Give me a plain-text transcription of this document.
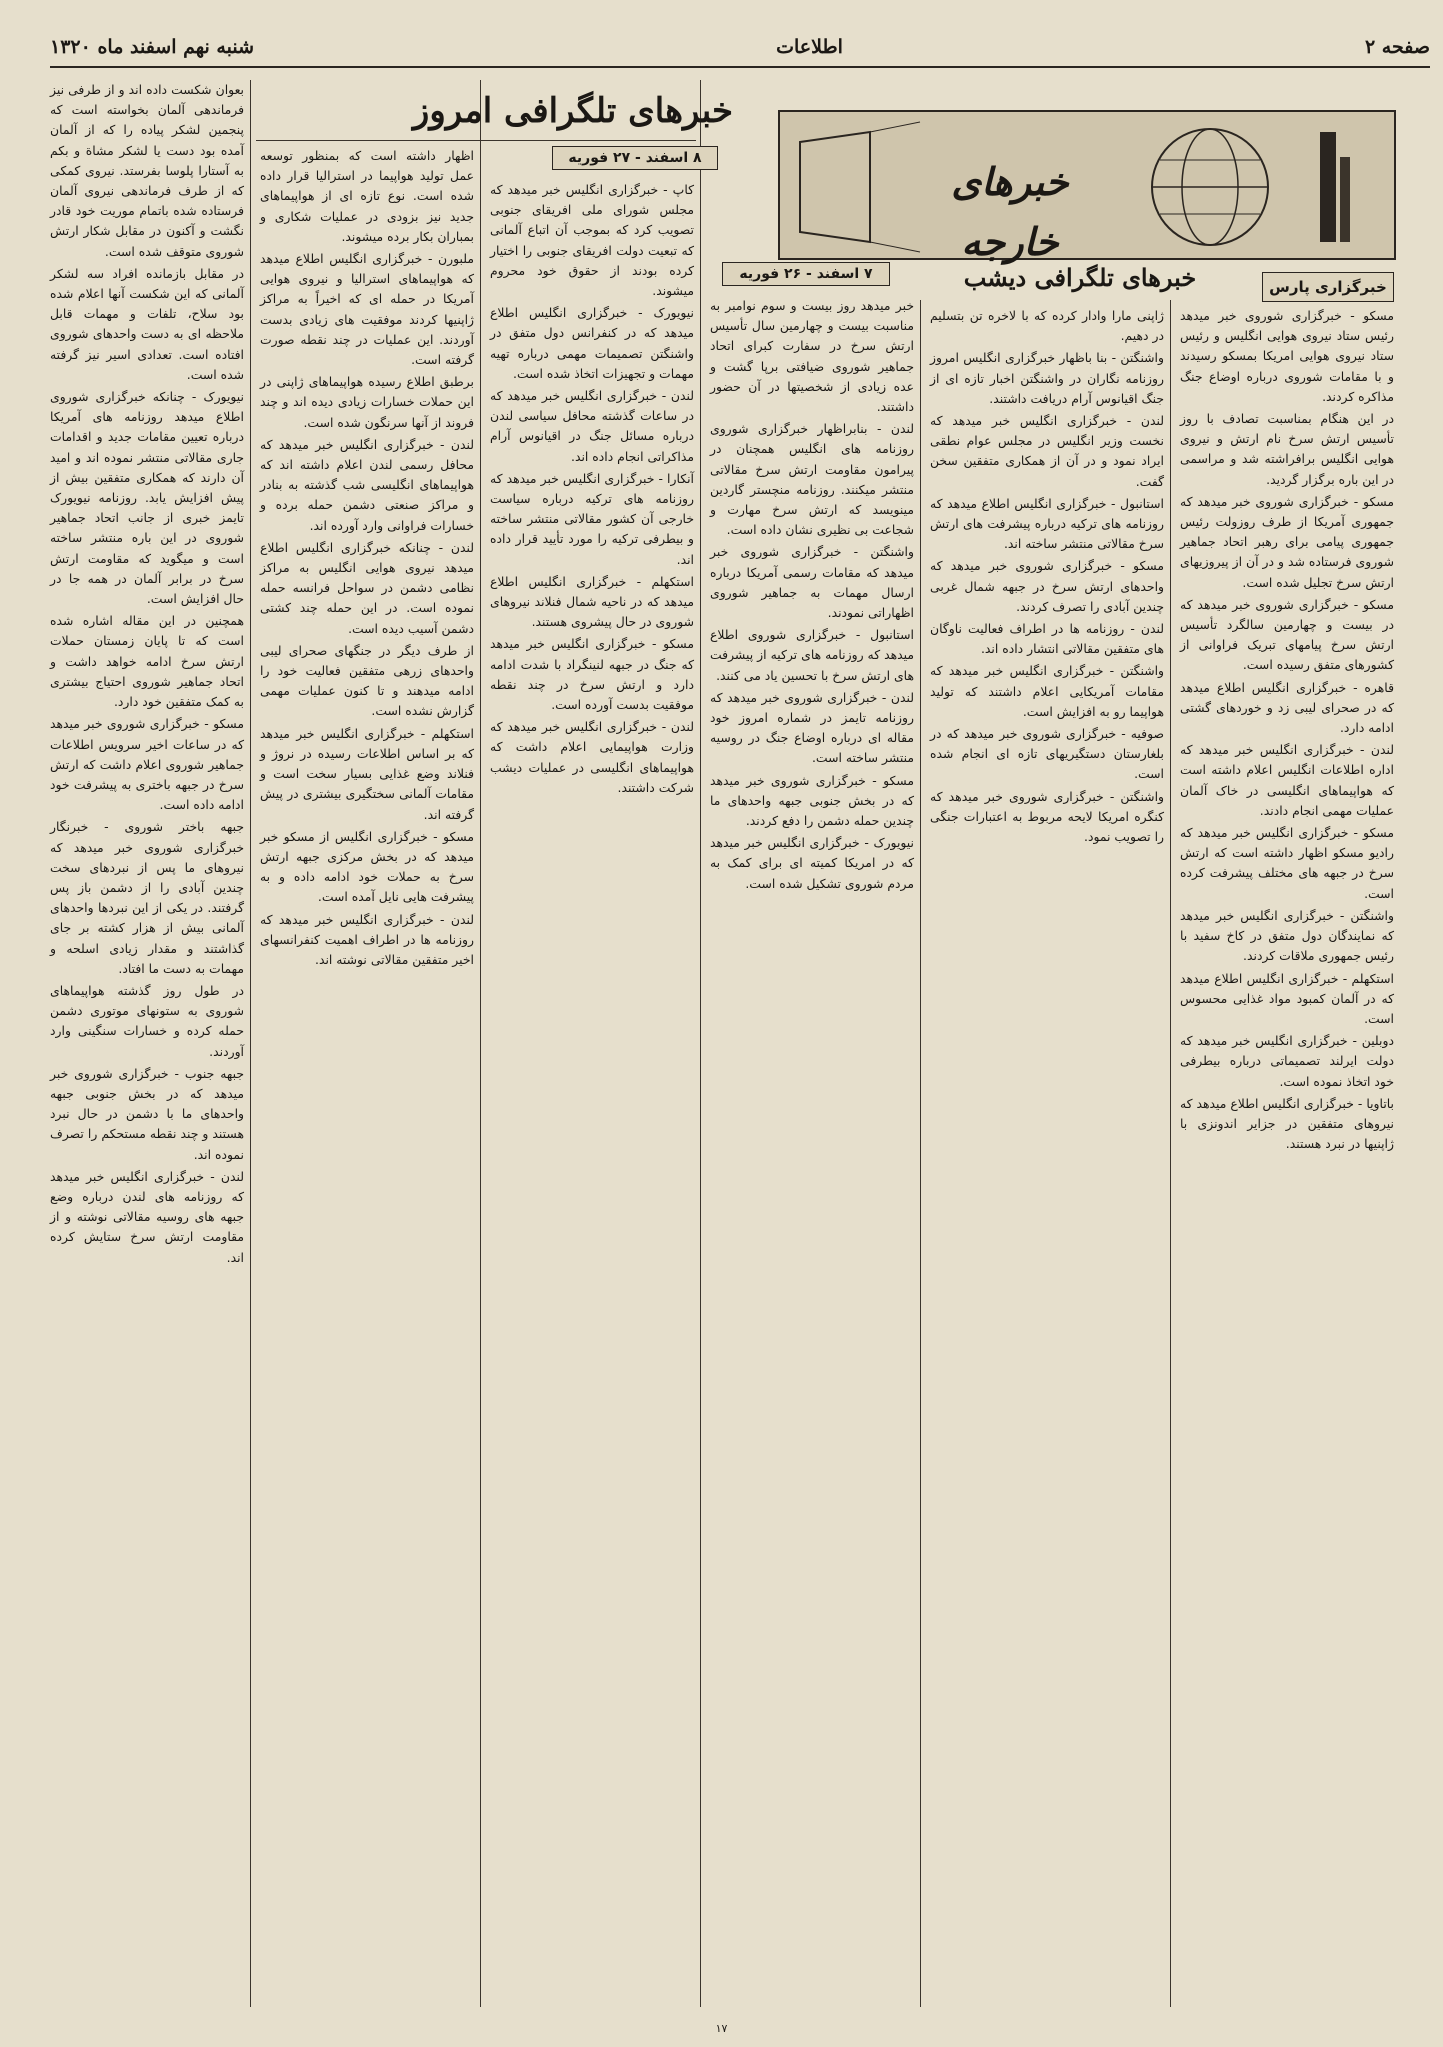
صفحه ۲
اطلاعات
شنبه نهم اسفند ماه ۱۳۲۰
خبرهای تلگرافی امروز
۸ اسفند - ۲۷ فوریه
خبرهای خارجه
خبرهای تلگرافی دیشب
۷ اسفند - ۲۶ فوریه
خبرگزاری پارس

بعوان شکست داده اند و از طرفی نیز فرماندهی آلمان بخواسته است که پنجمین لشکر پیاده را که از آلمان آمده بود دست یا لشکر مشاة و بکم به آستارا پلوسا بفرستد. نیروی کمکی که از طرف فرماندهی نیروی آلمان فرستاده شده باتمام موریت خود قادر نگشت و آکنون در مقابل شکار ارتش شوروی متوقف شده است.

در مقابل بازمانده افراد سه لشکر آلمانی که این شکست آنها اعلام شده بود سلاح، تلفات و مهمات قابل ملاحظه ای به دست واحدهای شوروی افتاده است. تعدادی اسیر نیز گرفته شده است.

نیویورک - چنانکه خبرگزاری شوروی اطلاع میدهد روزنامه های آمریکا درباره تعیین مقامات جدید و اقدامات جاری مقالاتی منتشر نموده اند و امید آن دارند که همکاری متفقین بیش از پیش افزایش یابد. روزنامه نیویورک تایمز خبری از جانب اتحاد جماهیر شوروی در این باره منتشر ساخته است و میگوید که مقاومت ارتش سرخ در برابر آلمان در همه جا در حال افزایش است.

همچنین در این مقاله اشاره شده است که تا پایان زمستان حملات ارتش سرخ ادامه خواهد داشت و اتحاد جماهیر شوروی احتیاج بیشتری به کمک متفقین خود دارد.

مسکو - خبرگزاری شوروی خبر میدهد که در ساعات اخیر سرویس اطلاعات جماهیر شوروی اعلام داشت که ارتش سرخ در جبهه باختری به پیشرفت خود ادامه داده است.

جبهه باختر شوروی - خبرنگار خبرگزاری شوروی خبر میدهد که نیروهای ما پس از نبردهای سخت چندین آبادی را از دشمن باز پس گرفتند. در یکی از این نبردها واحدهای آلمانی بیش از هزار کشته بر جای گذاشتند و مقدار زیادی اسلحه و مهمات به دست ما افتاد.

در طول روز گذشته هواپیماهای شوروی به ستونهای موتوری دشمن حمله کرده و خسارات سنگینی وارد آوردند.

جبهه جنوب - خبرگزاری شوروی خبر میدهد که در بخش جنوبی جبهه واحدهای ما با دشمن در حال نبرد هستند و چند نقطه مستحکم را تصرف نموده اند.

لندن - خبرگزاری انگلیس خبر میدهد که روزنامه های لندن درباره وضع جبهه های روسیه مقالاتی نوشته و از مقاومت ارتش سرخ ستایش کرده اند.

اظهار داشته است که بمنظور توسعه عمل تولید هواپیما در استرالیا قرار داده شده است. نوع تازه ای از هواپیماهای جدید نیز بزودی در عملیات شکاری و بمباران بکار برده میشوند.

ملبورن - خبرگزاری انگلیس اطلاع میدهد که هواپیماهای استرالیا و نیروی هوایی آمریکا در حمله ای که اخیراً به مراکز ژاپنیها کردند موفقیت های زیادی بدست آوردند. این عملیات در چند نقطه صورت گرفته است.

برطبق اطلاع رسیده هواپیماهای ژاپنی در این حملات خسارات زیادی دیده اند و چند فروند از آنها سرنگون شده است.

لندن - خبرگزاری انگلیس خبر میدهد که محافل رسمی لندن اعلام داشته اند که هواپیماهای انگلیسی شب گذشته به بنادر و مراکز صنعتی دشمن حمله برده و خسارات فراوانی وارد آورده اند.

لندن - چنانکه خبرگزاری انگلیس اطلاع میدهد نیروی هوایی انگلیس به مراکز نظامی دشمن در سواحل فرانسه حمله نموده است. در این حمله چند کشتی دشمن آسیب دیده است.

از طرف دیگر در جنگهای صحرای لیبی واحدهای زرهی متفقین فعالیت خود را ادامه میدهند و تا کنون عملیات مهمی گزارش نشده است.

استکهلم - خبرگزاری انگلیس خبر میدهد که بر اساس اطلاعات رسیده در نروژ و فنلاند وضع غذایی بسیار سخت است و مقامات آلمانی سختگیری بیشتری در پیش گرفته اند.

مسکو - خبرگزاری انگلیس از مسکو خبر میدهد که در بخش مرکزی جبهه ارتش سرخ به حملات خود ادامه داده و به پیشرفت هایی نایل آمده است.

لندن - خبرگزاری انگلیس خبر میدهد که روزنامه ها در اطراف اهمیت کنفرانسهای اخیر متفقین مقالاتی نوشته اند.

کاپ - خبرگزاری انگلیس خبر میدهد که مجلس شورای ملی افریقای جنوبی تصویب کرد که بموجب آن اتباع آلمانی که تبعیت دولت افریقای جنوبی را اختیار کرده بودند از حقوق خود محروم میشوند.

نیویورک - خبرگزاری انگلیس اطلاع میدهد که در کنفرانس دول متفق در واشنگتن تصمیمات مهمی درباره تهیه مهمات و تجهیزات اتخاذ شده است.

لندن - خبرگزاری انگلیس خبر میدهد که در ساعات گذشته محافل سیاسی لندن درباره مسائل جنگ در اقیانوس آرام مذاکراتی انجام داده اند.

آنکارا - خبرگزاری انگلیس خبر میدهد که روزنامه های ترکیه درباره سیاست خارجی آن کشور مقالاتی منتشر ساخته و بیطرفی ترکیه را مورد تأیید قرار داده اند.

استکهلم - خبرگزاری انگلیس اطلاع میدهد که در ناحیه شمال فنلاند نیروهای شوروی در حال پیشروی هستند.

مسکو - خبرگزاری انگلیس خبر میدهد که جنگ در جبهه لنینگراد با شدت ادامه دارد و ارتش سرخ در چند نقطه موفقیت بدست آورده است.

لندن - خبرگزاری انگلیس خبر میدهد که وزارت هواپیمایی اعلام داشت که هواپیماهای انگلیسی در عملیات دیشب شرکت داشتند.

خبر میدهد روز بیست و سوم نوامبر به مناسبت بیست و چهارمین سال تأسیس ارتش سرخ در سفارت کبرای اتحاد جماهیر شوروی ضیافتی برپا گشت و عده زیادی از شخصیتها در آن حضور داشتند.

لندن - بنابراظهار خبرگزاری شوروی روزنامه های انگلیس همچنان در پیرامون مقاومت ارتش سرخ مقالاتی منتشر میکنند. روزنامه منچستر گاردین مینویسد که ارتش سرخ مهارت و شجاعت بی نظیری نشان داده است.

واشنگتن - خبرگزاری شوروی خبر میدهد که مقامات رسمی آمریکا درباره ارسال مهمات به جماهیر شوروی اظهاراتی نمودند.

استانبول - خبرگزاری شوروی اطلاع میدهد که روزنامه های ترکیه از پیشرفت های ارتش سرخ با تحسین یاد می کنند.

لندن - خبرگزاری شوروی خبر میدهد که روزنامه تایمز در شماره امروز خود مقاله ای درباره اوضاع جنگ در روسیه منتشر ساخته است.

مسکو - خبرگزاری شوروی خبر میدهد که در بخش جنوبی جبهه واحدهای ما چندین حمله دشمن را دفع کردند.

نیویورک - خبرگزاری انگلیس خبر میدهد که در امریکا کمیته ای برای کمک به مردم شوروی تشکیل شده است.

ژاپنی مارا وادار کرده که با لاخره تن بتسلیم در دهیم.

واشنگتن - بنا باظهار خبرگزاری انگلیس امروز روزنامه نگاران در واشنگتن اخبار تازه ای از جنگ اقیانوس آرام دریافت داشتند.

لندن - خبرگزاری انگلیس خبر میدهد که نخست وزیر انگلیس در مجلس عوام نطقی ایراد نمود و در آن از همکاری متفقین سخن گفت.

استانبول - خبرگزاری انگلیس اطلاع میدهد که روزنامه های ترکیه درباره پیشرفت های ارتش سرخ مقالاتی منتشر ساخته اند.

مسکو - خبرگزاری شوروی خبر میدهد که واحدهای ارتش سرخ در جبهه شمال غربی چندین آبادی را تصرف کردند.

لندن - روزنامه ها در اطراف فعالیت ناوگان های متفقین مقالاتی انتشار داده اند.

واشنگتن - خبرگزاری انگلیس خبر میدهد که مقامات آمریکایی اعلام داشتند که تولید هواپیما رو به افزایش است.

صوفیه - خبرگزاری شوروی خبر میدهد که در بلغارستان دستگیریهای تازه ای انجام شده است.

واشنگتن - خبرگزاری شوروی خبر میدهد که کنگره امریکا لایحه مربوط به اعتبارات جنگی را تصویب نمود.

مسکو - خبرگزاری شوروی خبر میدهد رئیس ستاد نیروی هوایی انگلیس و رئیس ستاد نیروی هوایی امریکا بمسکو رسیدند و با مقامات شوروی درباره اوضاع جنگ مذاکره کردند.

در این هنگام بمناسبت تصادف با روز تأسیس ارتش سرخ نام ارتش و نیروی هوایی انگلیس برافراشته شد و مراسمی در این باره برگزار گردید.

مسکو - خبرگزاری شوروی خبر میدهد که جمهوری آمریکا از طرف روزولت رئیس جمهوری پیامی برای رهبر اتحاد جماهیر شوروی فرستاده شد و در آن از پیروزیهای ارتش سرخ تجلیل شده است.

مسکو - خبرگزاری شوروی خبر میدهد که در بیست و چهارمین سالگرد تأسیس ارتش سرخ پیامهای تبریک فراوانی از کشورهای متفق رسیده است.

قاهره - خبرگزاری انگلیس اطلاع میدهد که در صحرای لیبی زد و خوردهای گشتی ادامه دارد.

لندن - خبرگزاری انگلیس خبر میدهد که اداره اطلاعات انگلیس اعلام داشته است که هواپیماهای انگلیسی در خاک آلمان عملیات مهمی انجام دادند.

مسکو - خبرگزاری انگلیس خبر میدهد که رادیو مسکو اظهار داشته است که ارتش سرخ در جبهه های مختلف پیشرفت کرده است.

واشنگتن - خبرگزاری انگلیس خبر میدهد که نمایندگان دول متفق در کاخ سفید با رئیس جمهوری ملاقات کردند.

استکهلم - خبرگزاری انگلیس اطلاع میدهد که در آلمان کمبود مواد غذایی محسوس است.

دوبلین - خبرگزاری انگلیس خبر میدهد که دولت ایرلند تصمیماتی درباره بیطرفی خود اتخاذ نموده است.

باتاویا - خبرگزاری انگلیس اطلاع میدهد که نیروهای متفقین در جزایر اندونزی با ژاپنیها در نبرد هستند.

۱۷
